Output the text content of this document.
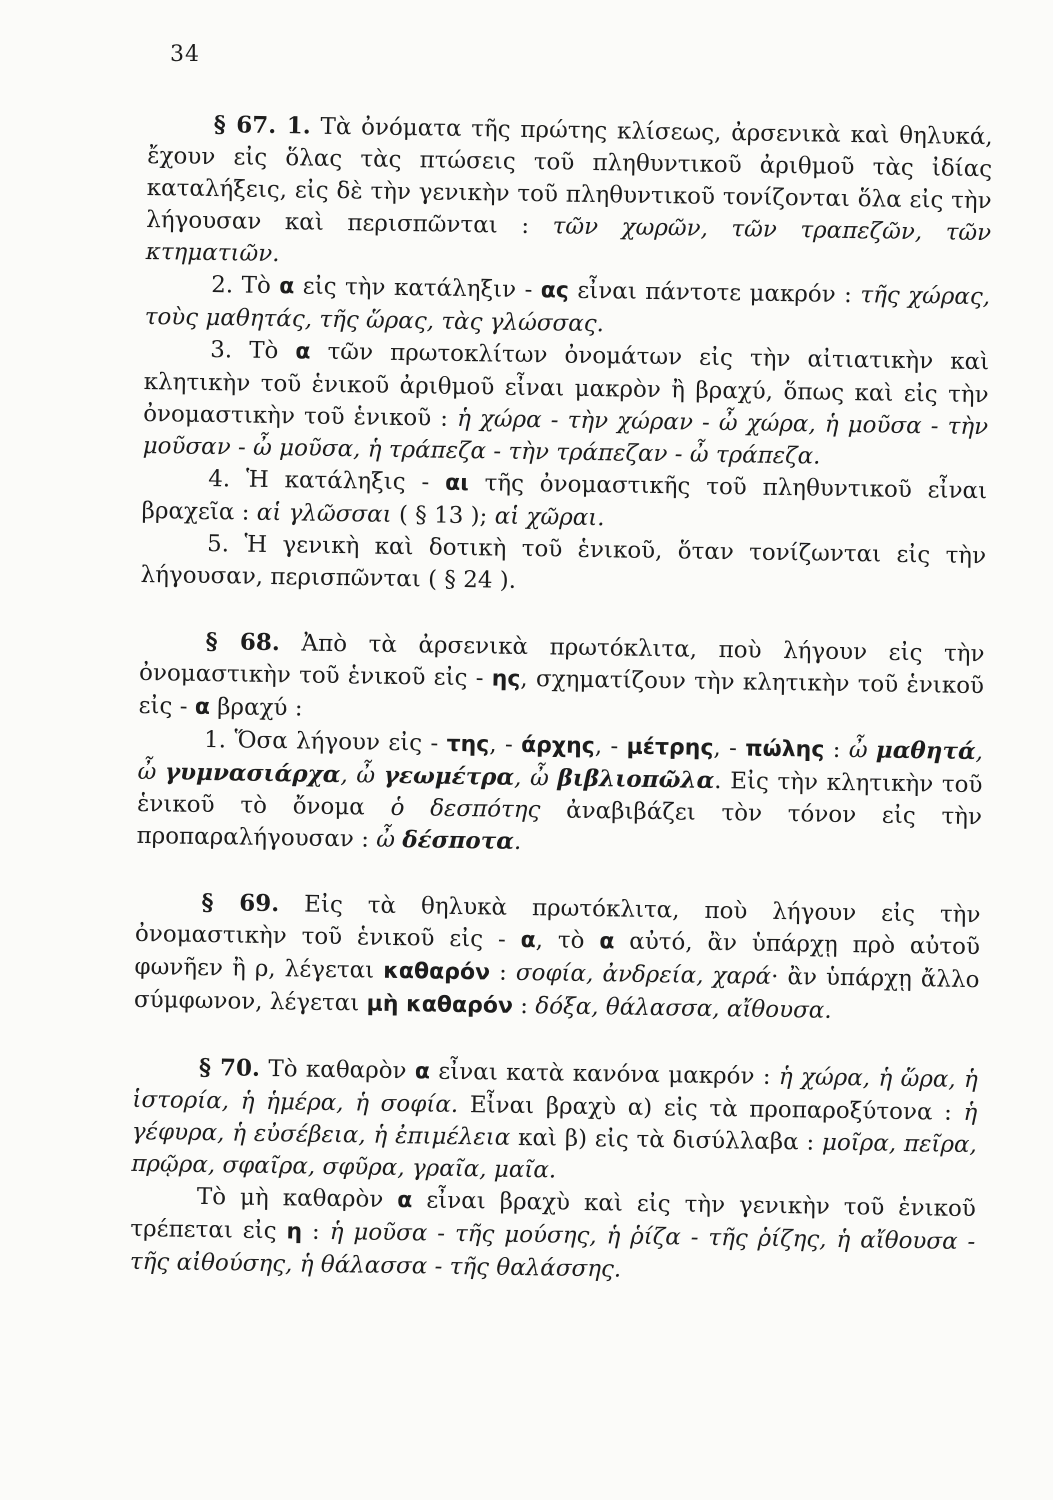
34

§ 67. 1. Τὰ ὀνόματα τῆς πρώτης κλίσεως, ἀρσενικὰ καὶ θηλυκά, ἔχουν εἰς ὅλας τὰς πτώσεις τοῦ πληθυντικοῦ ἀριθμοῦ τὰς ἰδίας καταλήξεις, εἰς δὲ τὴν γενικὴν τοῦ πληθυντικοῦ τονίζονται ὅλα εἰς τὴν λήγουσαν καὶ περισπῶνται : τῶν χωρῶν, τῶν τραπεζῶν, τῶν κτηματιῶν.

2. Τὸ α εἰς τὴν κατάληξιν - ας εἶναι πάντοτε μακρόν : τῆς χώρας, τοὺς μαθητάς, τῆς ὥρας, τὰς γλώσσας.

3. Τὸ α τῶν πρωτοκλίτων ὀνομάτων εἰς τὴν αἰτιατικὴν καὶ κλητικὴν τοῦ ἑνικοῦ ἀριθμοῦ εἶναι μακρὸν ἢ βραχύ, ὅπως καὶ εἰς τὴν ὀνομαστικὴν τοῦ ἑνικοῦ : ἡ χώρα - τὴν χώραν - ὦ χώρα, ἡ μοῦσα - τὴν μοῦσαν - ὦ μοῦσα, ἡ τράπεζα - τὴν τράπεζαν - ὦ τράπεζα.

4. Ἡ κατάληξις - αι τῆς ὀνομαστικῆς τοῦ πληθυντικοῦ εἶναι βραχεῖα : αἱ γλῶσσαι ( § 13 ); αἱ χῶραι.

5. Ἡ γενικὴ καὶ δοτικὴ τοῦ ἑνικοῦ, ὅταν τονίζωνται εἰς τὴν λήγουσαν, περισπῶνται ( § 24 ).

§ 68. Ἀπὸ τὰ ἀρσενικὰ πρωτόκλιτα, ποὺ λήγουν εἰς τὴν ὀνομαστικὴν τοῦ ἑνικοῦ εἰς - ης, σχηματίζουν τὴν κλητικὴν τοῦ ἑνικοῦ εἰς - α βραχύ :

1. Ὅσα λήγουν εἰς - της, - άρχης, - μέτρης, - πώλης : ὦ μαθητά, ὦ γυμνασιάρχα, ὦ γεωμέτρα, ὦ βιβλιοπῶλα. Εἰς τὴν κλητικὴν τοῦ ἑνικοῦ τὸ ὄνομα ὁ δεσπότης ἀναβιβάζει τὸν τόνον εἰς τὴν προπαραλήγουσαν : ὦ δέσποτα.

§ 69. Εἰς τὰ θηλυκὰ πρωτόκλιτα, ποὺ λήγουν εἰς τὴν ὀνομαστικὴν τοῦ ἑνικοῦ εἰς - α, τὸ α αὐτό, ἂν ὑπάρχῃ πρὸ αὐτοῦ φωνῆεν ἢ ρ, λέγεται καθαρόν : σοφία, ἀνδρεία, χαρά· ἂν ὑπάρχῃ ἄλλο σύμφωνον, λέγεται μὴ καθαρόν : δόξα, θάλασσα, αἴθουσα.

§ 70. Τὸ καθαρὸν α εἶναι κατὰ κανόνα μακρόν : ἡ χώρα, ἡ ὥρα, ἡ ἱστορία, ἡ ἡμέρα, ἡ σοφία. Εἶναι βραχὺ α) εἰς τὰ προπαροξύτονα : ἡ γέφυρα, ἡ εὐσέβεια, ἡ ἐπιμέλεια καὶ β) εἰς τὰ δισύλλαβα : μοῖρα, πεῖρα, πρῷρα, σφαῖρα, σφῦρα, γραῖα, μαῖα.

Τὸ μὴ καθαρὸν α εἶναι βραχὺ καὶ εἰς τὴν γενικὴν τοῦ ἑνικοῦ τρέπεται εἰς η : ἡ μοῦσα - τῆς μούσης, ἡ ῥίζα - τῆς ῥίζης, ἡ αἴθουσα - τῆς αἰθούσης, ἡ θάλασσα - τῆς θαλάσσης.
